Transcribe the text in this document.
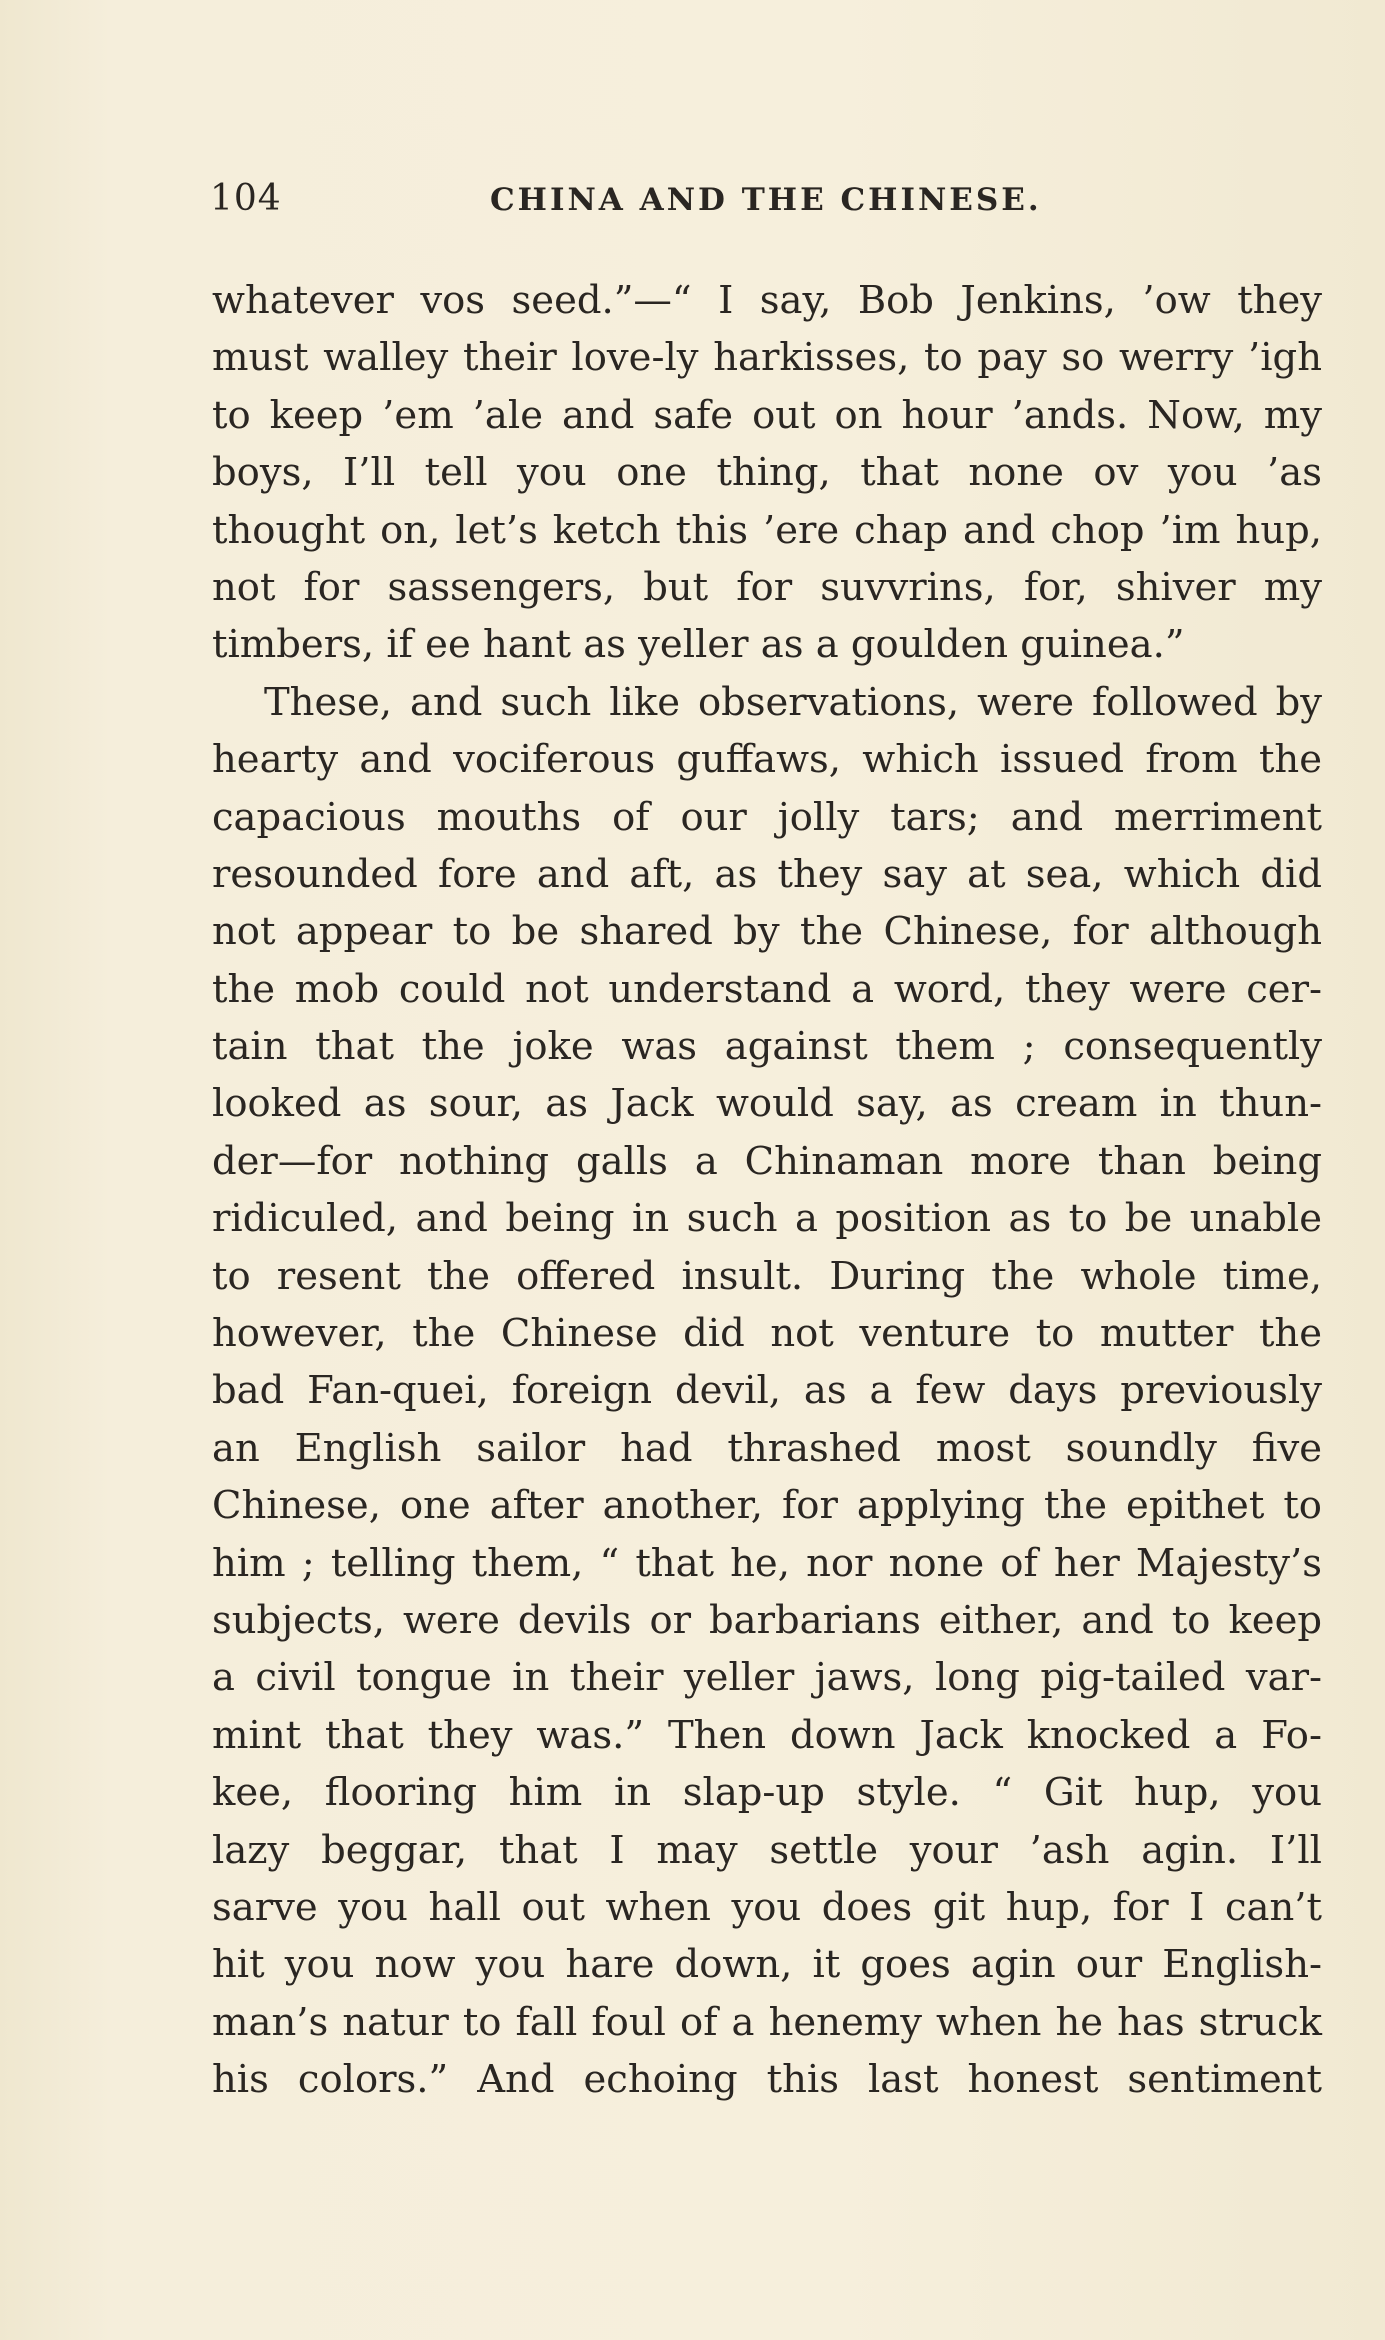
104	CHINA AND THE CHINESE.
whatever vos seed.”—“ I say, Bob Jenkins, ’ow they
must walley their love-ly harkisses, to pay so werry ’igh
to keep ’em ’ale and safe out on hour ’ands. Now, my
boys, I’ll tell you one thing, that none ov you ’as
thought on, let’s ketch this ’ere chap and chop ’im hup,
not for sassengers, but for suvvrins, for, shiver my
timbers, if ee hant as yeller as a goulden guinea.”
These, and such like observations, were followed by
hearty and vociferous guffaws, which issued from the
capacious mouths of our jolly tars; and merriment
resounded fore and aft, as they say at sea, which did
not appear to be shared by the Chinese, for although
the mob could not understand a word, they were cer-
tain that the joke was against them ; consequently
looked as sour, as Jack would say, as cream in thun-
der—for nothing galls a Chinaman more than being
ridiculed, and being in such a position as to be unable
to resent the offered insult. During the whole time,
however, the Chinese did not venture to mutter the
bad Fan-quei, foreign devil, as a few days previously
an English sailor had thrashed most soundly five
Chinese, one after another, for applying the epithet to
him ; telling them, “ that he, nor none of her Majesty’s
subjects, were devils or barbarians either, and to keep
a civil tongue in their yeller jaws, long pig-tailed var-
mint that they was.” Then down Jack knocked a Fo-
kee, flooring him in slap-up style. “ Git hup, you
lazy beggar, that I may settle your ’ash agin. I’ll
sarve you hall out when you does git hup, for I can’t
hit you now you hare down, it goes agin our English-
man’s natur to fall foul of a henemy when he has struck
his colors.” And echoing this last honest sentiment
